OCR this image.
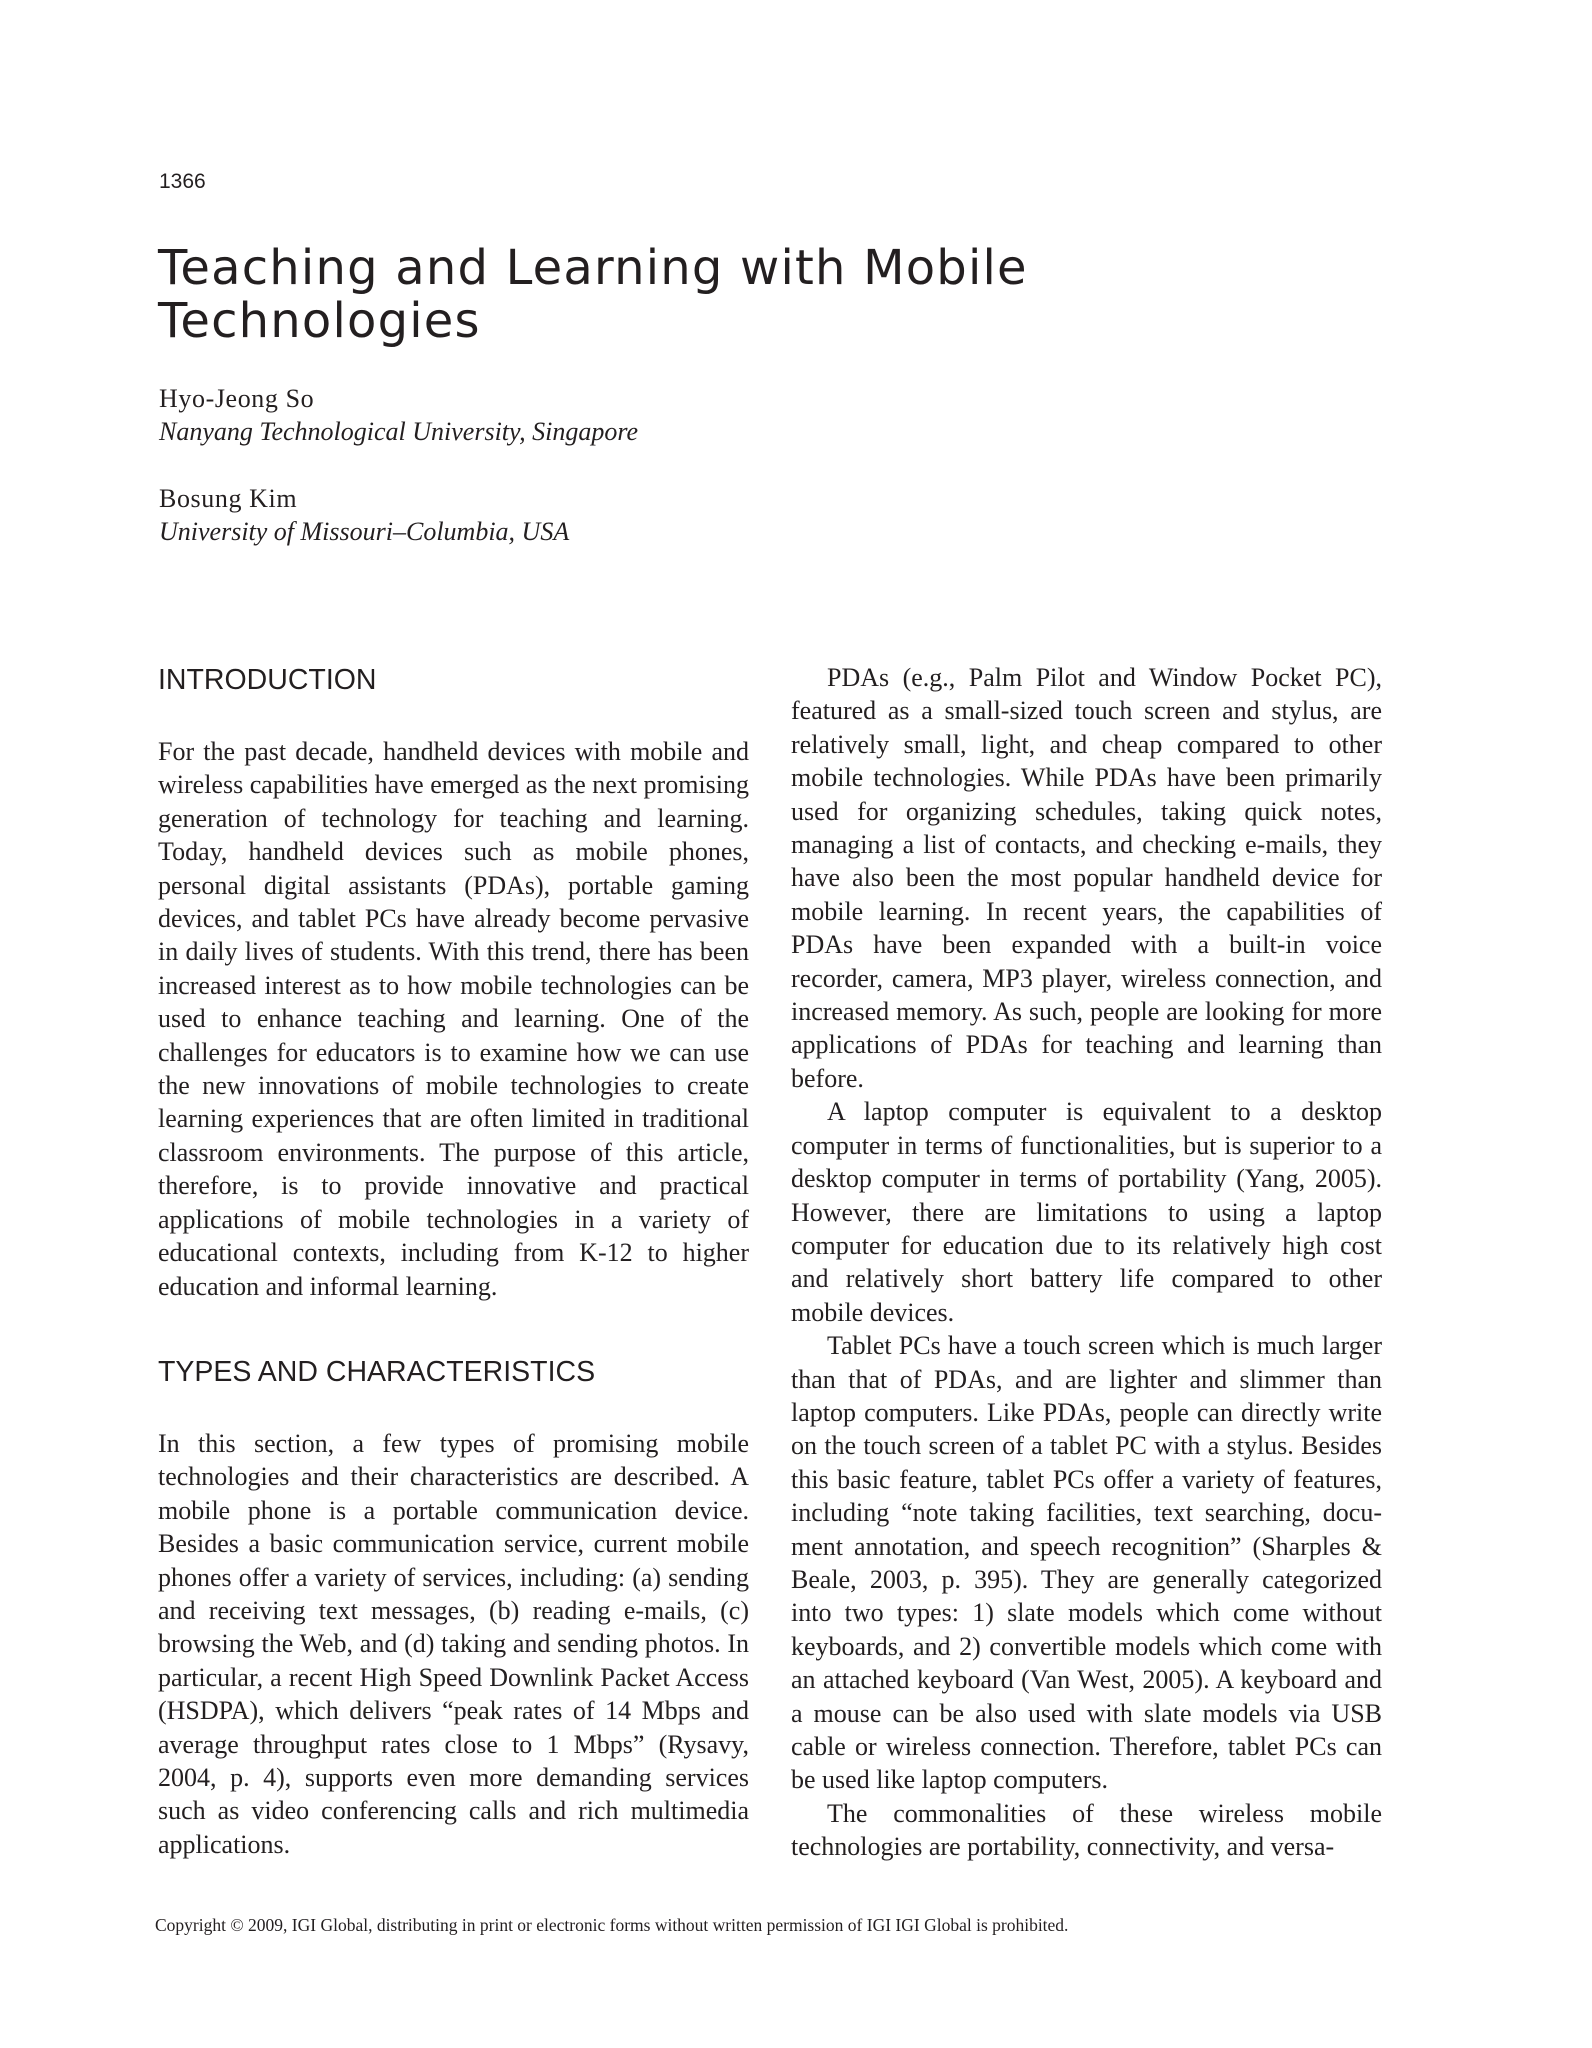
1366
Teaching and Learning with Mobile Technologies
Hyo-Jeong So
Nanyang Technological University, Singapore
Bosung Kim
University of Missouri–Columbia, USA
INTRODUCTION

For the past decade, handheld devices with mobile and wireless capabilities have emerged as the next promising generation of technology for teaching and learning. Today, handheld devices such as mobile phones, personal digital assistants (PDAs), portable gaming devices, and tablet PCs have already become pervasive in daily lives of students. With this trend, there has been increased interest as to how mobile technologies can be used to enhance teaching and learning. One of the challenges for educators is to examine how we can use the new innovations of mobile technologies to create learning experiences that are often limited in traditional classroom environments. The purpose of this article, therefore, is to provide innovative and practical applications of mobile technologies in a variety of educational contexts, including from K-12 to higher education and informal learning.

TYPES AND CHARACTERISTICS

In this section, a few types of promising mobile technologies and their characteristics are described. A mobile phone is a portable communication device. Besides a basic communication service, current mobile phones offer a variety of services, including: (a) sending and receiving text messages, (b) reading e-mails, (c) browsing the Web, and (d) taking and sending photos. In particular, a recent High Speed Downlink Packet Access (HSDPA), which delivers “peak rates of 14 Mbps and average throughput rates close to 1 Mbps” (Rysavy, 2004, p. 4), supports even more demanding services such as video conferencing calls and rich multimedia applications.

PDAs (e.g., Palm Pilot and Window Pocket PC), featured as a small-sized touch screen and stylus, are relatively small, light, and cheap compared to other mobile technologies. While PDAs have been primarily used for organizing schedules, taking quick notes, managing a list of contacts, and checking e-mails, they have also been the most popular handheld device for mobile learning. In recent years, the capabilities of PDAs have been expanded with a built-in voice recorder, camera, MP3 player, wireless connection, and increased memory. As such, people are looking for more applications of PDAs for teaching and learning than before.

A laptop computer is equivalent to a desktop computer in terms of functionalities, but is superior to a desktop computer in terms of portability (Yang, 2005). However, there are limitations to using a laptop computer for education due to its relatively high cost and relatively short battery life compared to other mobile devices.

Tablet PCs have a touch screen which is much larger than that of PDAs, and are lighter and slimmer than laptop computers. Like PDAs, people can directly write on the touch screen of a tablet PC with a stylus. Besides this basic feature, tablet PCs offer a variety of features, including “note taking facilities, text searching, document annotation, and speech recognition” (Sharples & Beale, 2003, p. 395). They are generally categorized into two types: 1) slate models which come without keyboards, and 2) convertible models which come with an attached keyboard (Van West, 2005). A keyboard and a mouse can be also used with slate models via USB cable or wireless connection. Therefore, tablet PCs can be used like laptop computers.

The commonalities of these wireless mobile technologies are portability, connectivity, and versa-

Copyright © 2009, IGI Global, distributing in print or electronic forms without written permission of IGI IGI Global is prohibited.
